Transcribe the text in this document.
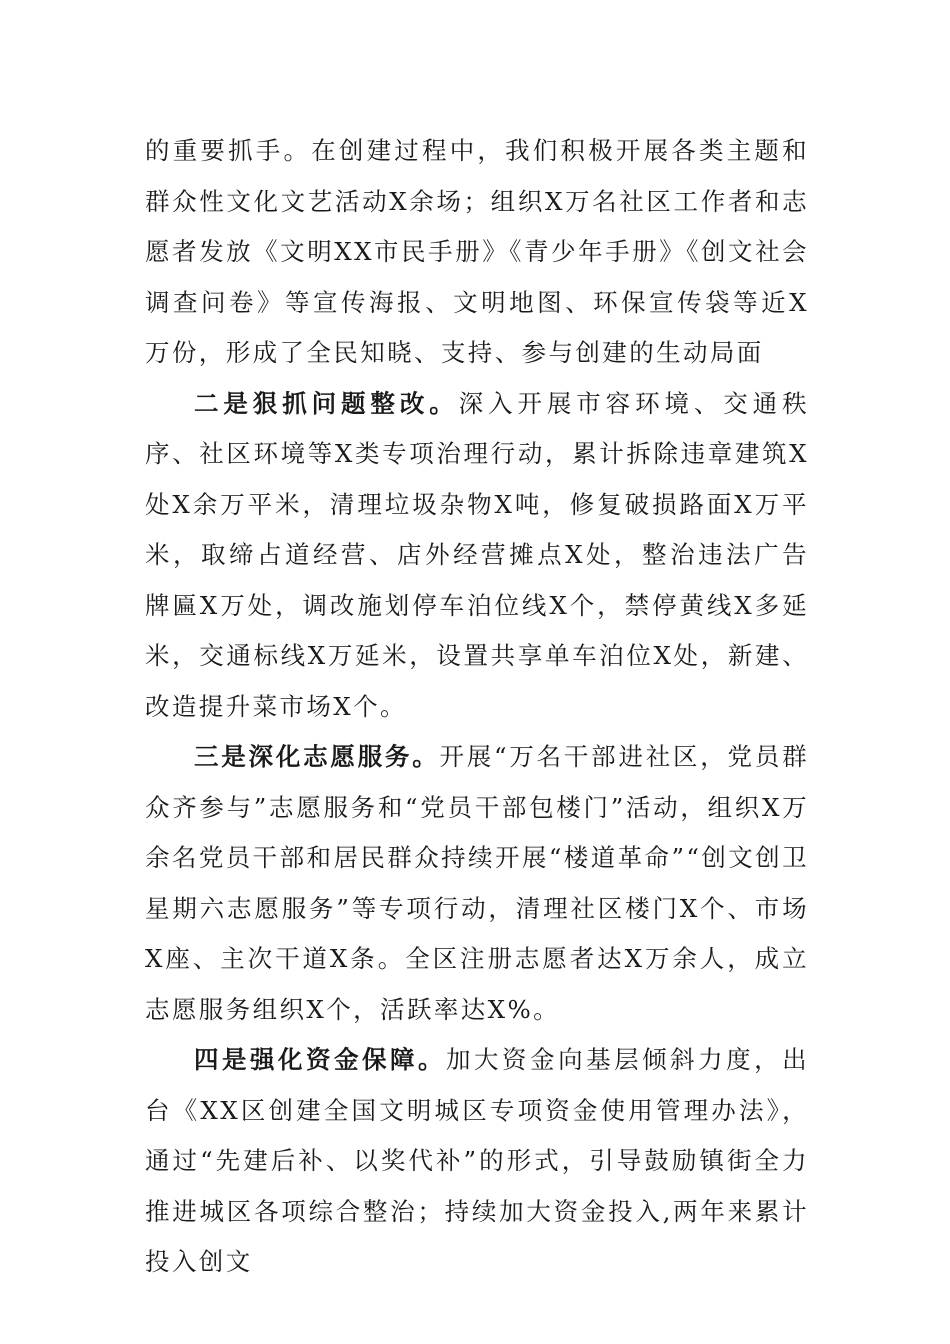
的重要抓手。在创建过程中，我们积极开展各类主题和群众性文化文艺活动X余场；组织X万名社区工作者和志愿者发放《文明XX市民手册》《青少年手册》《创文社会调查问卷》等宣传海报、文明地图、环保宣传袋等近X万份，形成了全民知晓、支持、参与创建的生动局面

二是狠抓问题整改。深入开展市容环境、交通秩序、社区环境等X类专项治理行动，累计拆除违章建筑X处X余万平米，清理垃圾杂物X吨，修复破损路面X万平米，取缔占道经营、店外经营摊点X处，整治违法广告牌匾X万处，调改施划停车泊位线X个，禁停黄线X多延米，交通标线X万延米，设置共享单车泊位X处，新建、改造提升菜市场X个。

三是深化志愿服务。开展“万名干部进社区，党员群众齐参与”志愿服务和“党员干部包楼门”活动，组织X万余名党员干部和居民群众持续开展“楼道革命”“创文创卫星期六志愿服务”等专项行动，清理社区楼门X个、市场X座、主次干道X条。全区注册志愿者达X万余人，成立志愿服务组织X个，活跃率达X%。

四是强化资金保障。加大资金向基层倾斜力度，出台《XX区创建全国文明城区专项资金使用管理办法》，通过“先建后补、以奖代补”的形式，引导鼓励镇街全力推进城区各项综合整治；持续加大资金投入,两年来累计投入创文
